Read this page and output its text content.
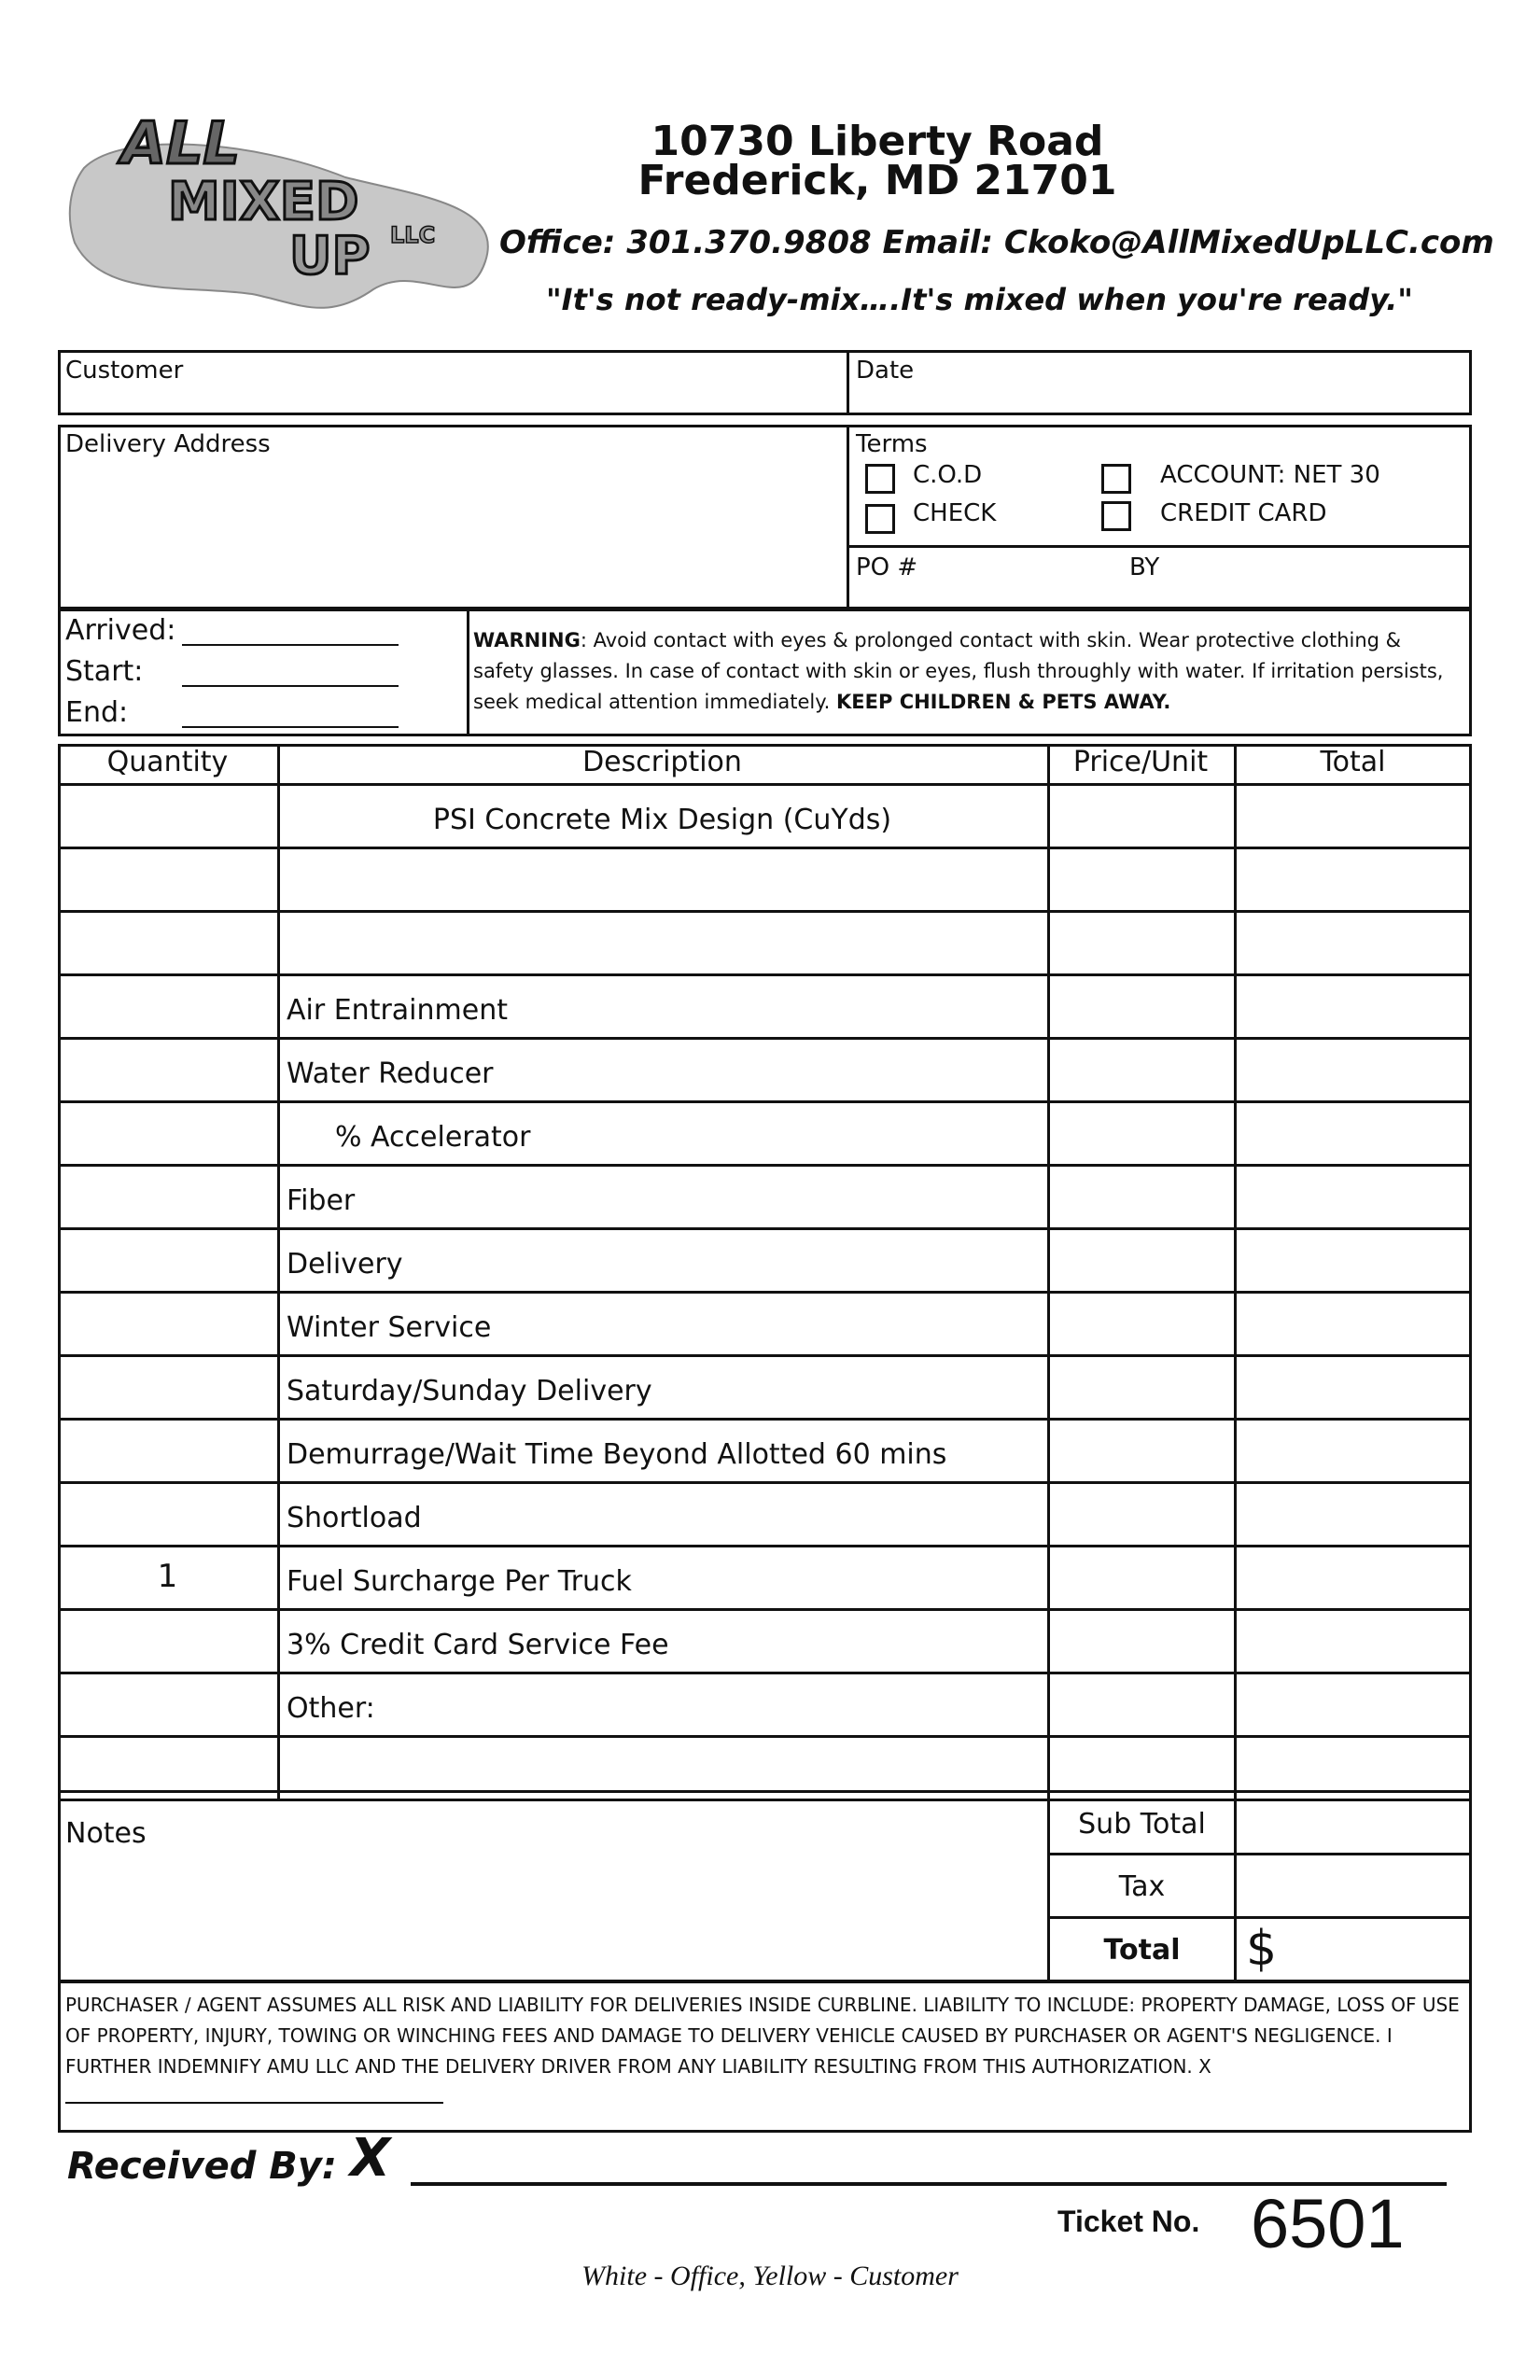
ALL
MIXED
UP LLC
10730 Liberty Road
Frederick, MD 21701
Office: 301.370.9808 Email: Ckoko@AllMixedUpLLC.com
"It's not ready-mix….It's mixed when you're ready."
Customer	Date
Delivery Address	Terms
C.O.D
CHECK
ACCOUNT: NET 30
CREDIT CARD
PO #	BY
Arrived:
Start:
End:
WARNING: Avoid contact with eyes & prolonged contact with skin. Wear protective clothing & safety glasses. In case of contact with skin or eyes, flush throughly with water. If irritation persists, seek medical attention immediately. KEEP CHILDREN & PETS AWAY.
Quantity	Description	Price/Unit	Total
PSI Concrete Mix Design (CuYds)
Air Entrainment
Water Reducer
% Accelerator
Fiber
Delivery
Winter Service
Saturday/Sunday Delivery
Demurrage/Wait Time Beyond Allotted 60 mins
Shortload
1	Fuel Surcharge Per Truck
3% Credit Card Service Fee
Other:
Notes	Sub Total
Tax
Total	$
PURCHASER / AGENT ASSUMES ALL RISK AND LIABILITY FOR DELIVERIES INSIDE CURBLINE. LIABILITY TO INCLUDE: PROPERTY DAMAGE, LOSS OF USE OF PROPERTY, INJURY, TOWING OR WINCHING FEES AND DAMAGE TO DELIVERY VEHICLE CAUSED BY PURCHASER OR AGENT'S NEGLIGENCE. I FURTHER INDEMNIFY AMU LLC AND THE DELIVERY DRIVER FROM ANY LIABILITY RESULTING FROM THIS AUTHORIZATION. X
Received By: X
Ticket No. 6501
White - Office, Yellow - Customer
